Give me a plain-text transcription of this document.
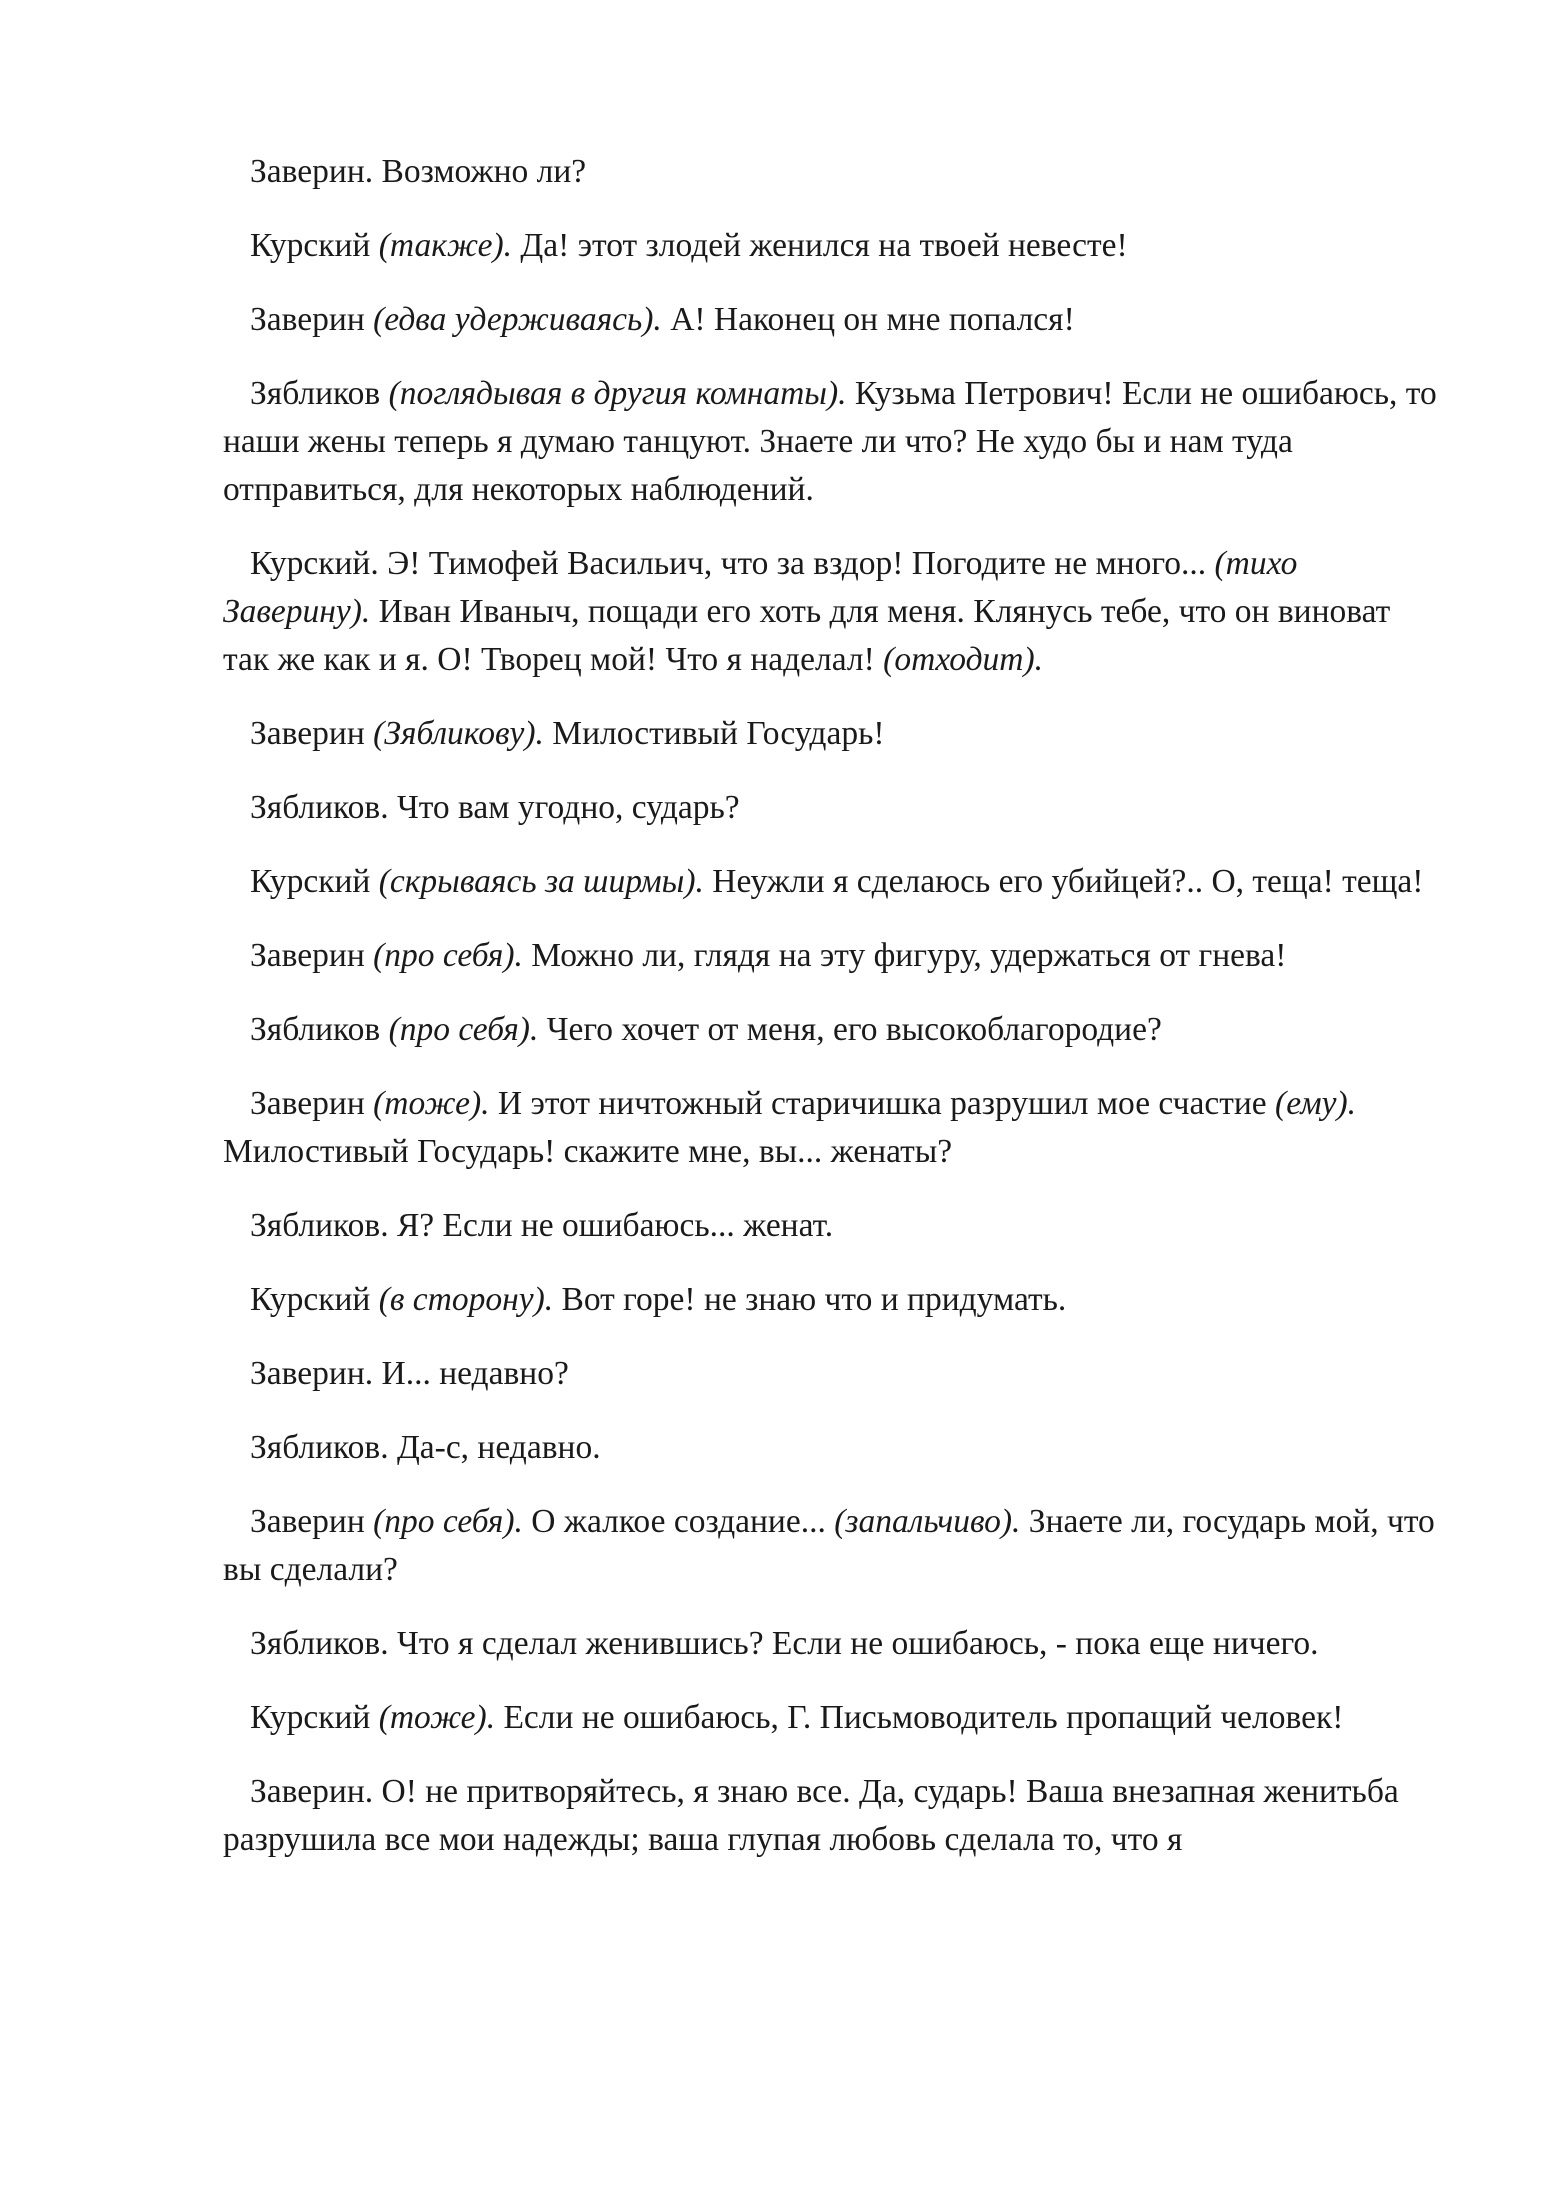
Заверин. Возможно ли?

Курский (также). Да! этот злодей женился на твоей невесте!

Заверин (едва удерживаясь). А! Наконец он мне попался!

Зябликов (поглядывая в другия комнаты). Кузьма Петрович! Если не ошибаюсь, то наши жены теперь я думаю танцуют. Знаете ли что? Не худо бы и нам туда отправиться, для некоторых наблюдений.

Курский. Э! Тимофей Васильич, что за вздор! Погодите не много... (тихо Заверину). Иван Иваныч, пощади его хоть для меня. Клянусь тебе, что он виноват так же как и я. О! Творец мой! Что я наделал! (отходит).

Заверин (Зябликову). Милостивый Государь!

Зябликов. Что вам угодно, сударь?

Курский (скрываясь за ширмы). Неужли я сделаюсь его убийцей?.. О, теща! теща!

Заверин (про себя). Можно ли, глядя на эту фигуру, удержаться от гнева!

Зябликов (про себя). Чего хочет от меня, его высокоблагородие?

Заверин (тоже). И этот ничтожный старичишка разрушил мое счастие (ему). Милостивый Государь! скажите мне, вы... женаты?

Зябликов. Я? Если не ошибаюсь... женат.

Курский (в сторону). Вот горе! не знаю что и придумать.

Заверин. И... недавно?

Зябликов. Да-с, недавно.

Заверин (про себя). О жалкое создание... (запальчиво). Знаете ли, государь мой, что вы сделали?

Зябликов. Что я сделал женившись? Если не ошибаюсь, - пока еще ничего.

Курский (тоже). Если не ошибаюсь, Г. Письмоводитель пропащий человек!

Заверин. О! не притворяйтесь, я знаю все. Да, сударь! Ваша внезапная женитьба разрушила все мои надежды; ваша глупая любовь сделала то, что я
